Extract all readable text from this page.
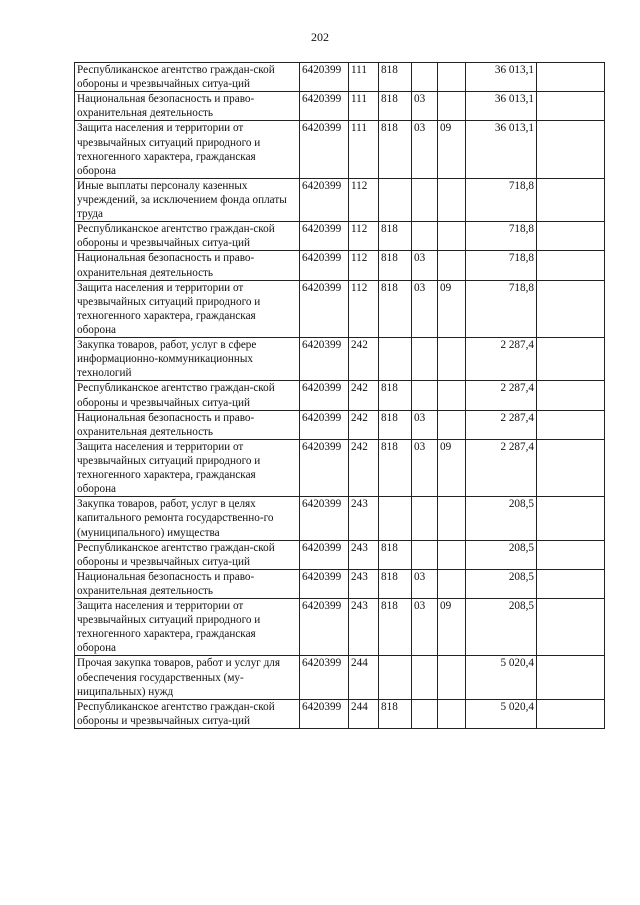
202
Республиканское агентство граждан-ской обороны и чрезвычайных ситуа-ций	6420399	111	818			36 013,1	
Национальная безопасность и право-охранительная деятельность	6420399	111	818	03		36 013,1	
Защита населения и территории от чрезвычайных ситуаций природного и техногенного характера, гражданская оборона	6420399	111	818	03	09	36 013,1	
Иные выплаты персоналу казенных учреждений, за исключением фонда оплаты труда	6420399	112				718,8	
Республиканское агентство граждан-ской обороны и чрезвычайных ситуа-ций	6420399	112	818			718,8	
Национальная безопасность и право-охранительная деятельность	6420399	112	818	03		718,8	
Защита населения и территории от чрезвычайных ситуаций природного и техногенного характера, гражданская оборона	6420399	112	818	03	09	718,8	
Закупка товаров, работ, услуг в сфере информационно-коммуникационных технологий	6420399	242				2 287,4	
Республиканское агентство граждан-ской обороны и чрезвычайных ситуа-ций	6420399	242	818			2 287,4	
Национальная безопасность и право-охранительная деятельность	6420399	242	818	03		2 287,4	
Защита населения и территории от чрезвычайных ситуаций природного и техногенного характера, гражданская оборона	6420399	242	818	03	09	2 287,4	
Закупка товаров, работ, услуг в целях капитального ремонта государственно-го (муниципального) имущества	6420399	243				208,5	
Республиканское агентство граждан-ской обороны и чрезвычайных ситуа-ций	6420399	243	818			208,5	
Национальная безопасность и право-охранительная деятельность	6420399	243	818	03		208,5	
Защита населения и территории от чрезвычайных ситуаций природного и техногенного характера, гражданская оборона	6420399	243	818	03	09	208,5	
Прочая закупка товаров, работ и услуг для обеспечения государственных (му-ниципальных) нужд	6420399	244				5 020,4	
Республиканское агентство граждан-ской обороны и чрезвычайных ситуа-ций	6420399	244	818			5 020,4	
